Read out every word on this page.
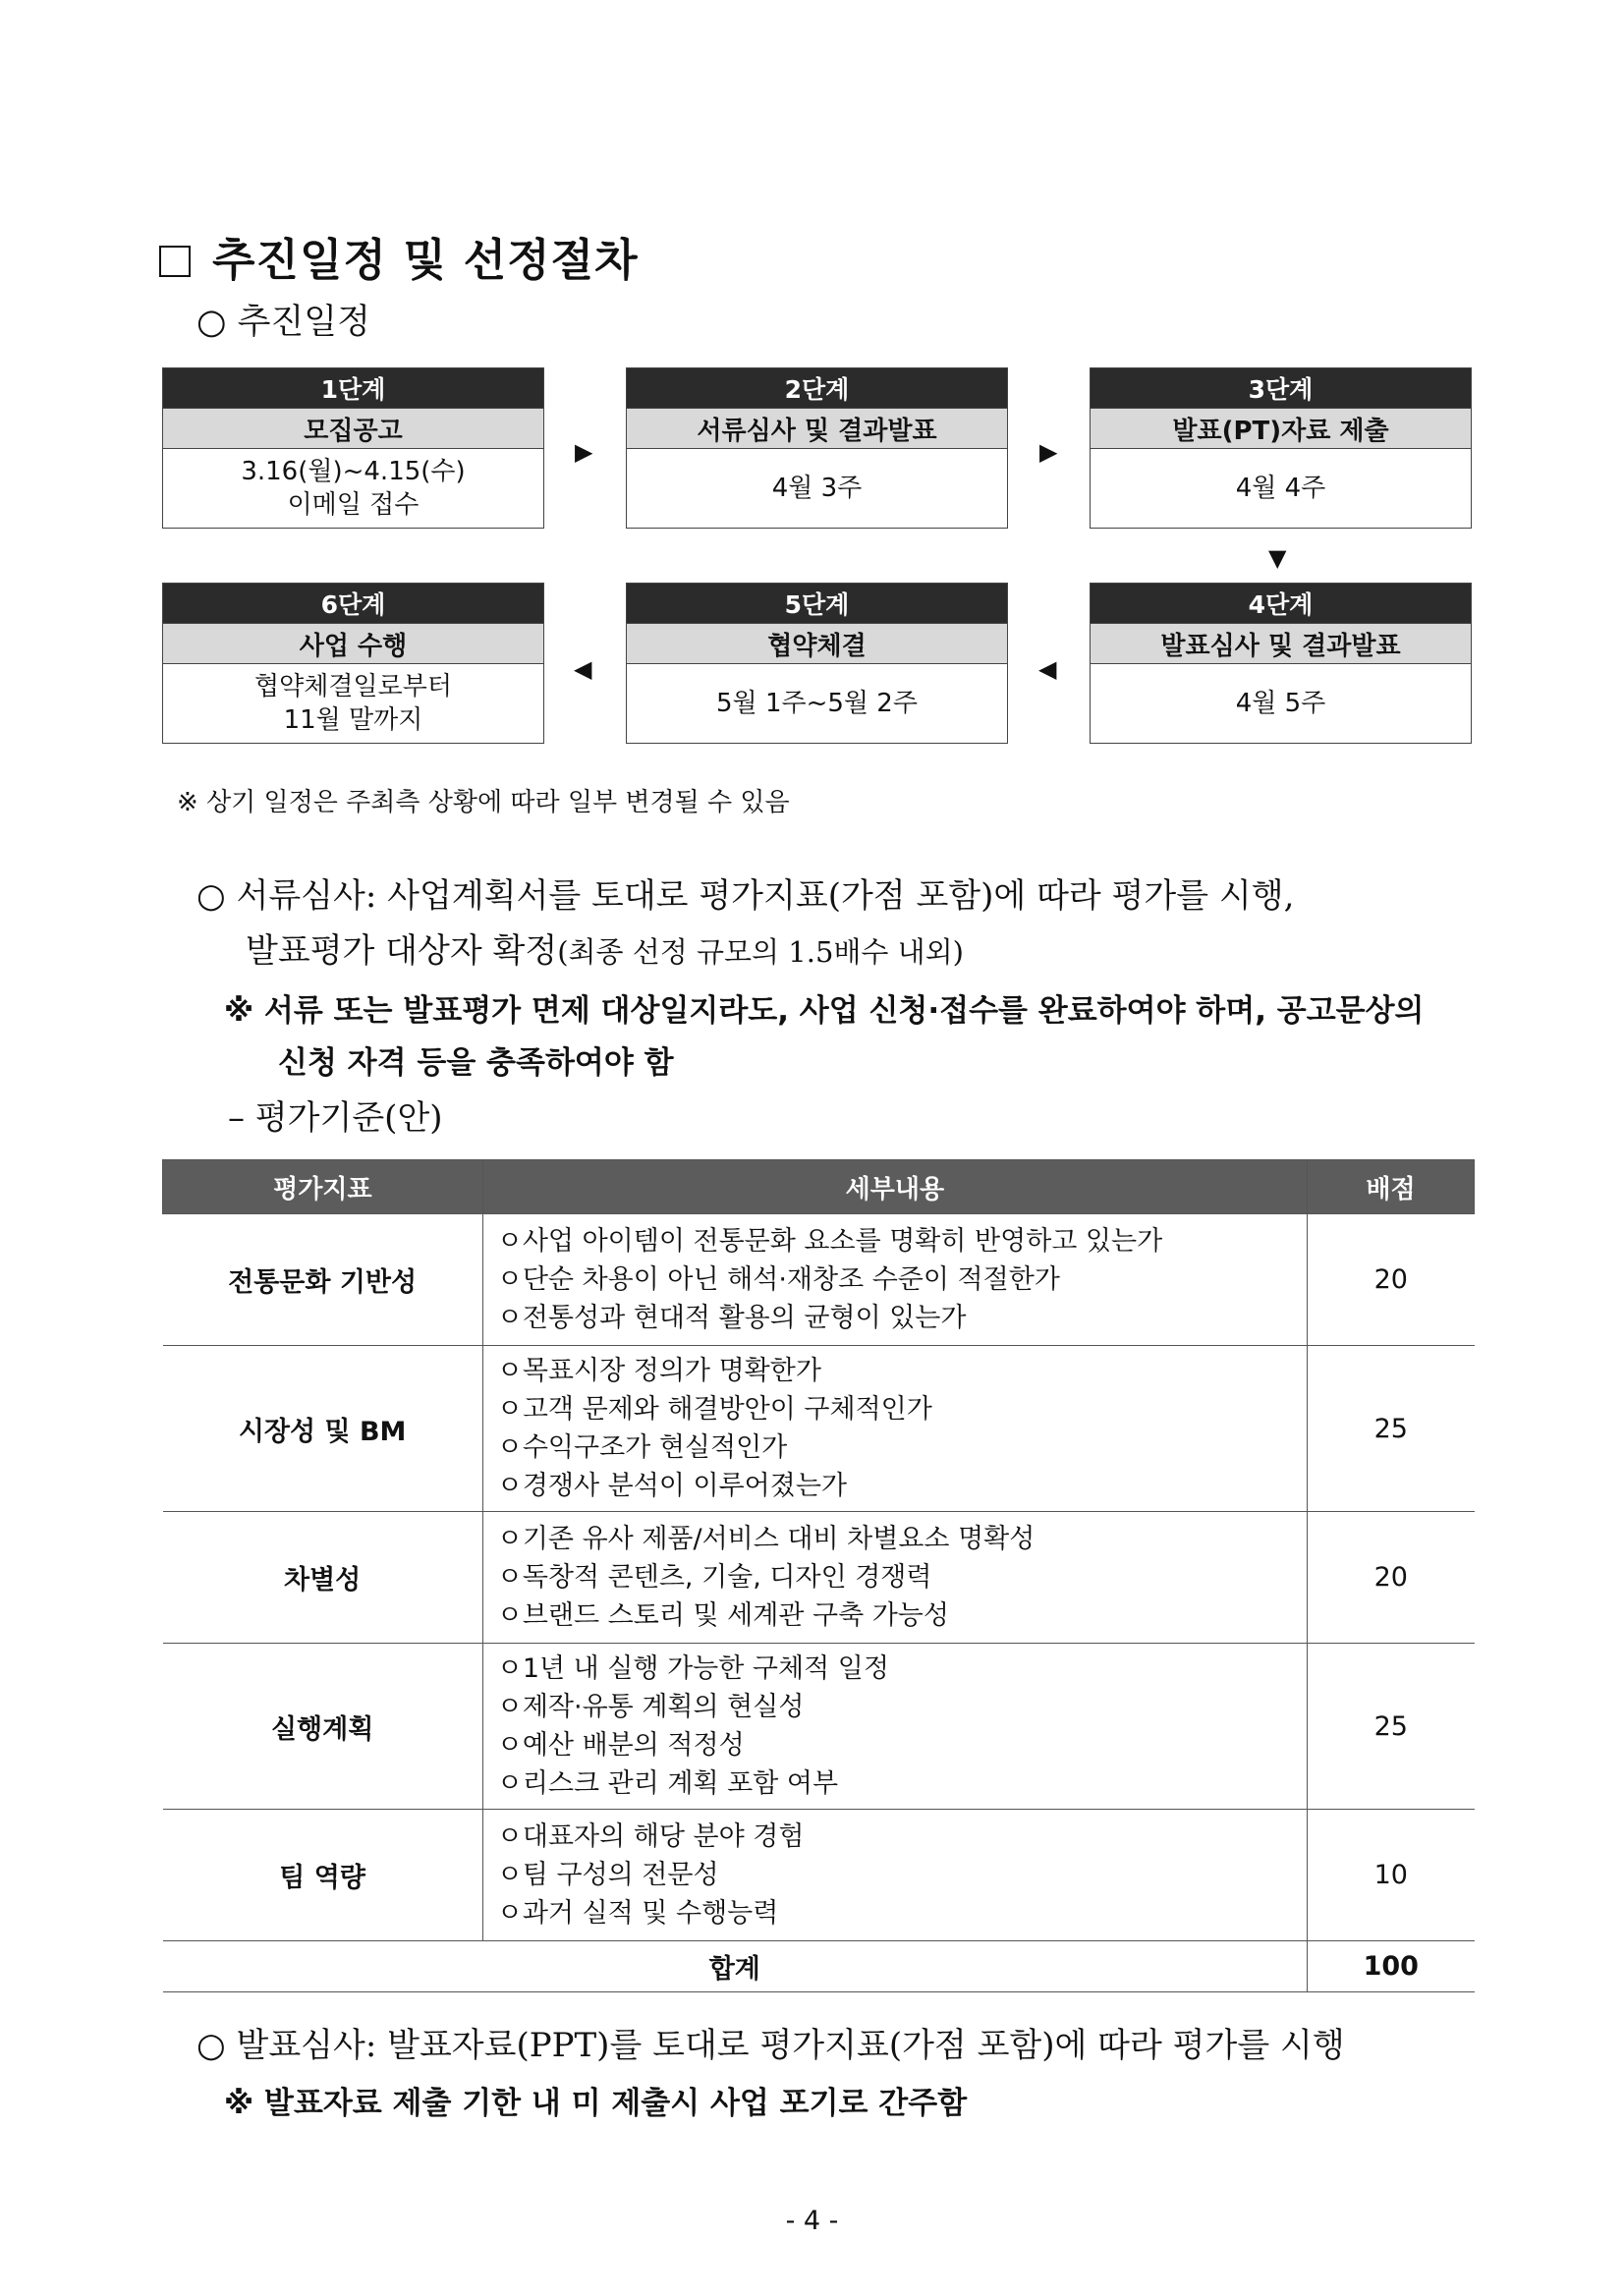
추진일정 및 선정절차
○ 추진일정
1단계
모집공고
3.16(월)~4.15(수)
이메일 접수
▶
2단계
서류심사 및 결과발표
4월 3주
▶
3단계
발표(PT)자료 제출
4월 4주
▼
6단계
사업 수행
협약체결일로부터
11월 말까지
◀
5단계
협약체결
5월 1주~5월 2주
◀
4단계
발표심사 및 결과발표
4월 5주
※ 상기 일정은 주최측 상황에 따라 일부 변경될 수 있음
○ 서류심사: 사업계획서를 토대로 평가지표(가점 포함)에 따라 평가를 시행,
발표평가 대상자 확정(최종 선정 규모의 1.5배수 내외)
※ 서류 또는 발표평가 면제 대상일지라도, 사업 신청·접수를 완료하여야 하며, 공고문상의
신청 자격 등을 충족하여야 함
– 평가기준(안)
평가지표	세부내용	배점
전통문화 기반성	ㅇ사업 아이템이 전통문화 요소를 명확히 반영하고 있는가
ㅇ단순 차용이 아닌 해석·재창조 수준이 적절한가
ㅇ전통성과 현대적 활용의 균형이 있는가	20
시장성 및 BM	ㅇ목표시장 정의가 명확한가
ㅇ고객 문제와 해결방안이 구체적인가
ㅇ수익구조가 현실적인가
ㅇ경쟁사 분석이 이루어졌는가	25
차별성	ㅇ기존 유사 제품/서비스 대비 차별요소 명확성
ㅇ독창적 콘텐츠, 기술, 디자인 경쟁력
ㅇ브랜드 스토리 및 세계관 구축 가능성	20
실행계획	ㅇ1년 내 실행 가능한 구체적 일정
ㅇ제작·유통 계획의 현실성
ㅇ예산 배분의 적정성
ㅇ리스크 관리 계획 포함 여부	25
팀 역량	ㅇ대표자의 해당 분야 경험
ㅇ팀 구성의 전문성
ㅇ과거 실적 및 수행능력	10
합계		100
○ 발표심사: 발표자료(PPT)를 토대로 평가지표(가점 포함)에 따라 평가를 시행
※ 발표자료 제출 기한 내 미 제출시 사업 포기로 간주함
- 4 -
